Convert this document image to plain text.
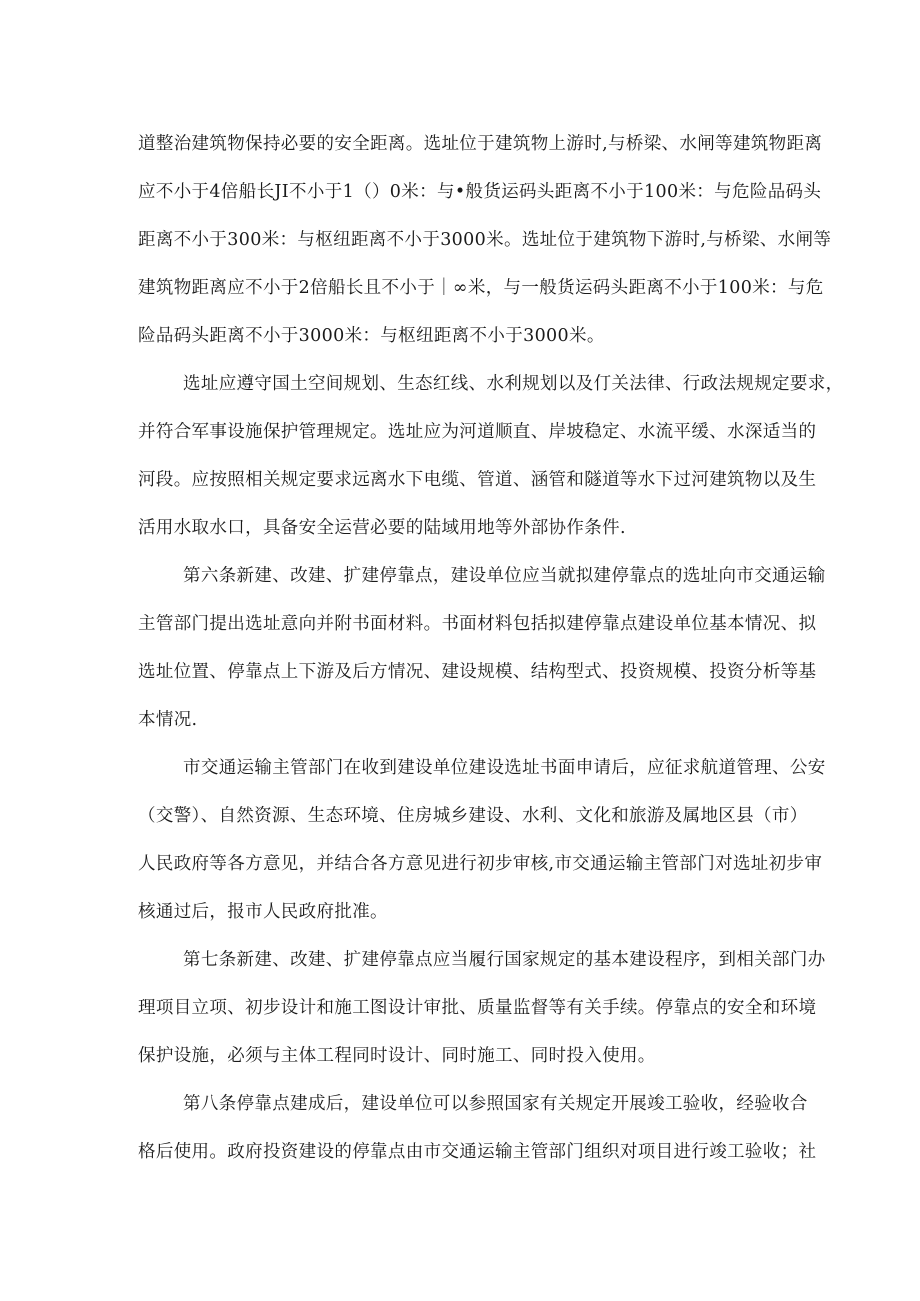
道整治建筑物保持必要的安全距离。选址位于建筑物上游时,与桥梁、水闸等建筑物距离
应不小于4倍船长JI不小于1（）0米：与•般货运码头距离不小于100米：与危险品码头
距离不小于300米：与枢纽距离不小于3000米。选址位于建筑物下游时,与桥梁、水闸等
建筑物距离应不小于2倍船长且不小于｜∞米，与一般货运码头距离不小于100米：与危
险品码头距离不小于3000米：与枢纽距离不小于3000米。
选址应遵守国土空间规划、生态红线、水利规划以及仃关法律、行政法规规定要求，
并符合军事设施保护管理规定。选址应为河道顺直、岸坡稳定、水流平缓、水深适当的
河段。应按照相关规定要求远离水下电缆、管道、涵管和隧道等水下过河建筑物以及生
活用水取水口，具备安全运营必要的陆域用地等外部协作条件.
第六条新建、改建、扩建停靠点，建设单位应当就拟建停靠点的选址向市交通运输
主管部门提出选址意向并附书面材料。书面材料包括拟建停靠点建设单位基本情况、拟
选址位置、停靠点上下游及后方情况、建设规模、结构型式、投资规模、投资分析等基
本情况.
市交通运输主管部门在收到建设单位建设选址书面申请后，应征求航道管理、公安
（交警）、自然资源、生态环境、住房城乡建设、水利、文化和旅游及属地区县（市）
人民政府等各方意见，并结合各方意见进行初步审核,市交通运输主管部门对选址初步审
核通过后，报市人民政府批准。
第七条新建、改建、扩建停靠点应当履行国家规定的基本建设程序，到相关部门办
理项目立项、初步设计和施工图设计审批、质量监督等有关手续。停靠点的安全和环境
保护设施，必须与主体工程同时设计、同时施工、同时投入使用。
第八条停靠点建成后，建设单位可以参照国家有关规定开展竣工验收，经验收合
格后使用。政府投资建设的停靠点由市交通运输主管部门组织对项目进行竣工验收；社
